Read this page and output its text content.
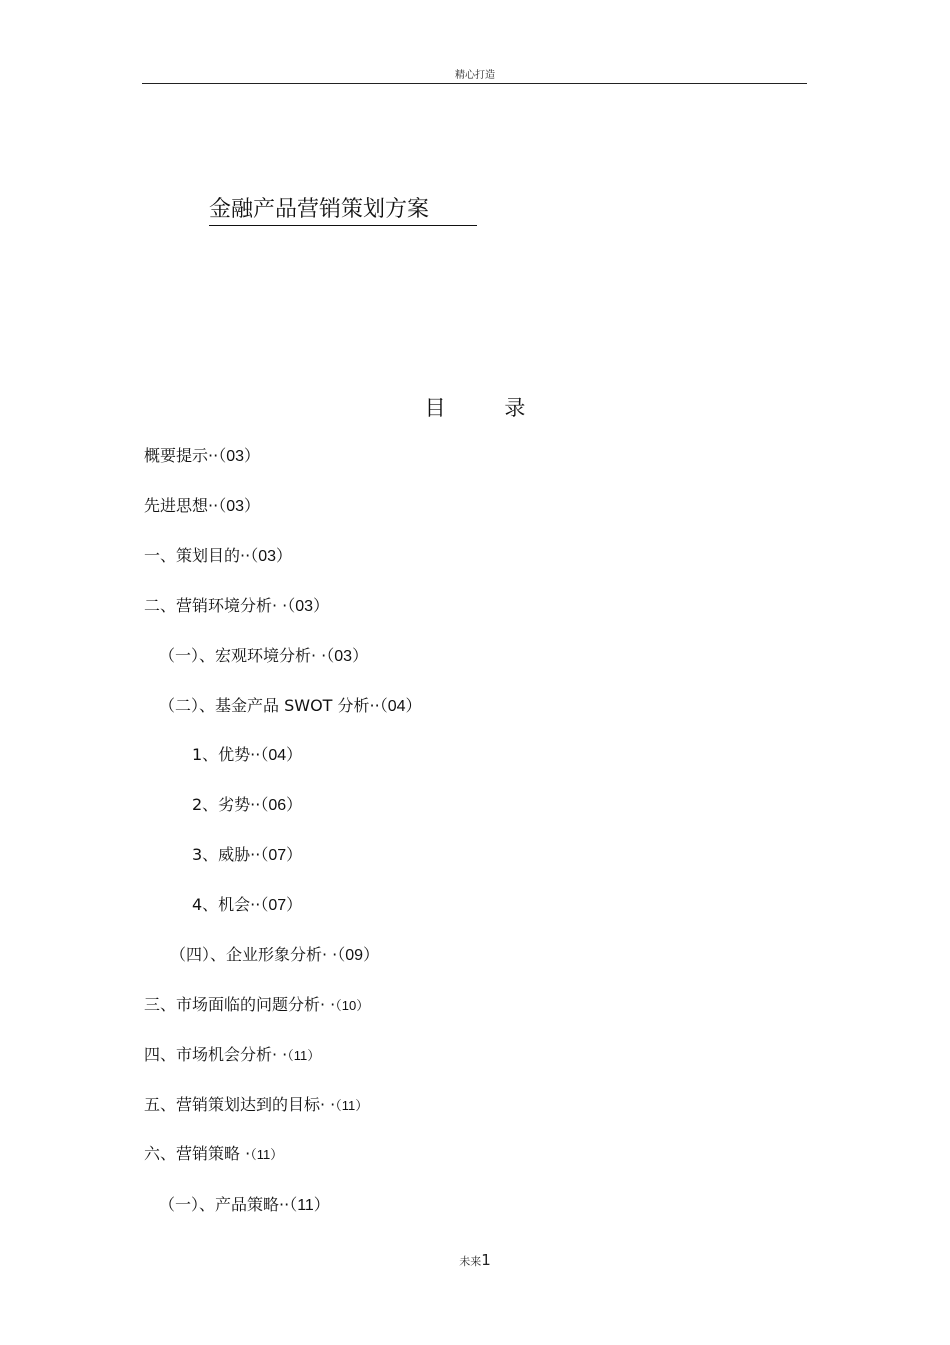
精心打造
金融产品营销策划方案
目 录
概要提示··（03）
先进思想··（03）
一、策划目的··（03）
二、营销环境分析· ·（03）
（一）、宏观环境分析· ·（03）
（二）、基金产品 SWOT 分析··（04）
1、优势··（04）
2、劣势··（06）
3、威胁··（07）
4、机会··（07）
（四）、企业形象分析· ·（09）
三、市场面临的问题分析· ·（10）
四、市场机会分析· ·（11）
五、营销策划达到的目标· ·（11）
六、营销策略 ·（11）
（一）、产品策略··（11）
未来1
